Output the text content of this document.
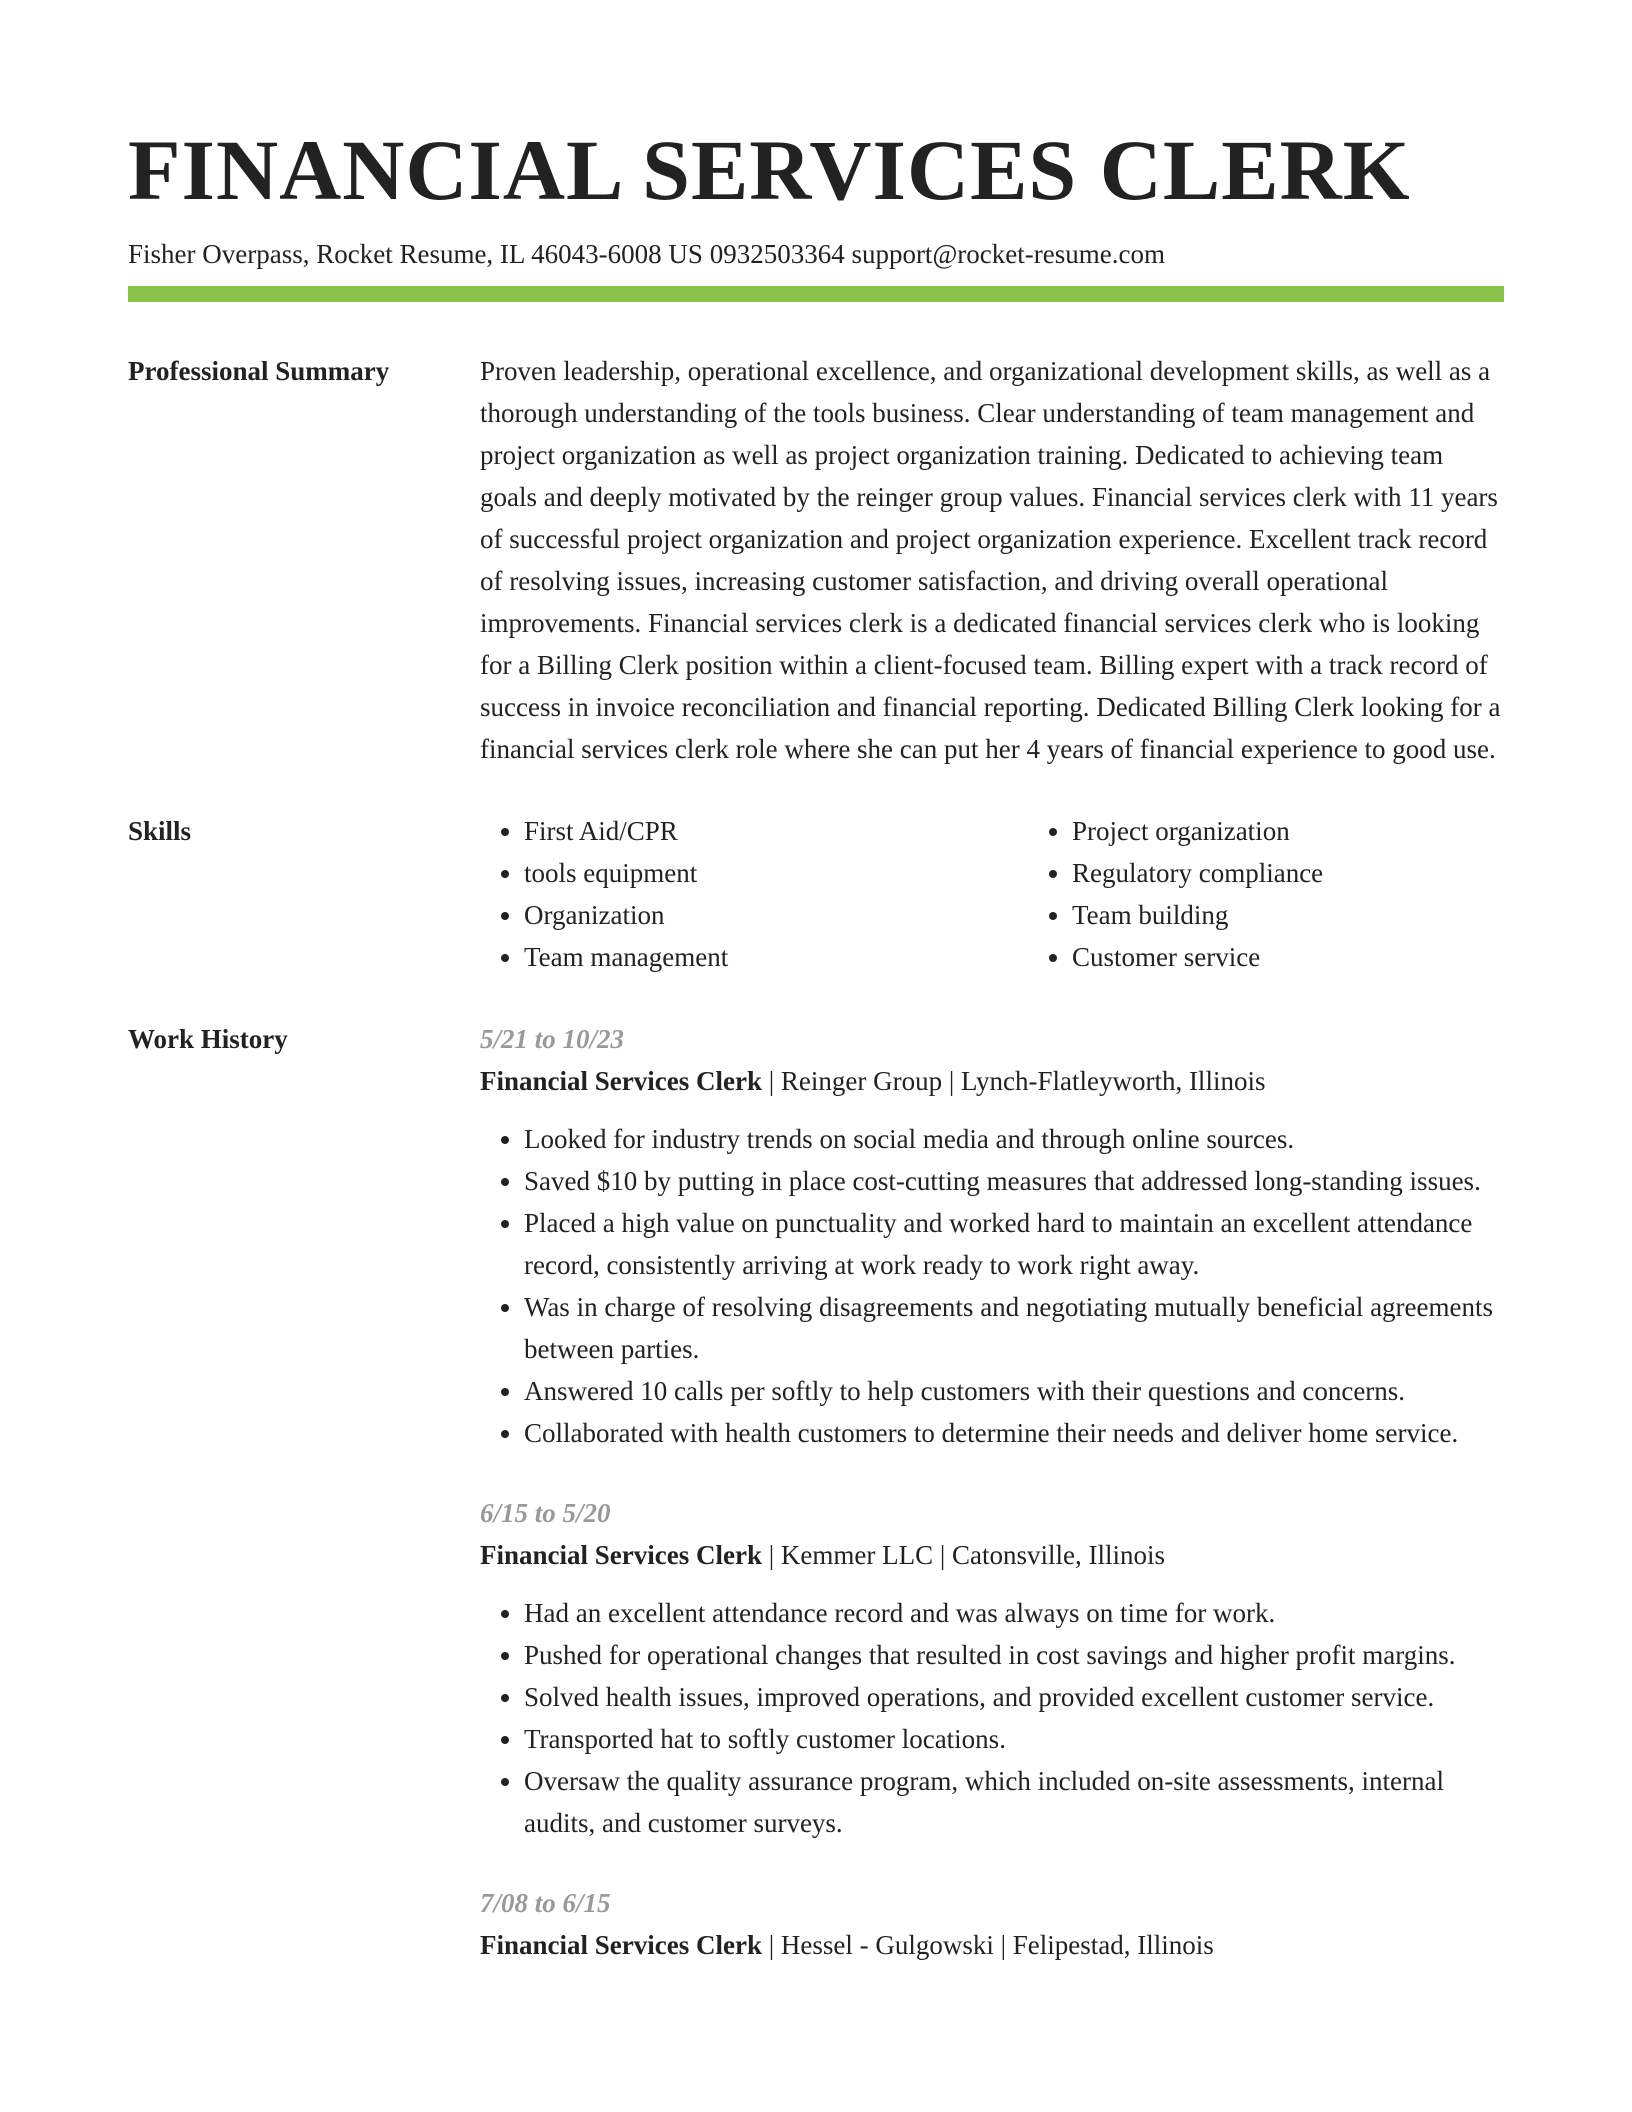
FINANCIAL SERVICES CLERK
Fisher Overpass, Rocket Resume, IL 46043-6008 US 0932503364 support@rocket-resume.com
Professional Summary	Proven leadership, operational excellence, and organizational development skills, as well as a thorough understanding of the tools business. Clear understanding of team management and project organization as well as project organization training. Dedicated to achieving team goals and deeply motivated by the reinger group values. Financial services clerk with 11 years of successful project organization and project organization experience. Excellent track record of resolving issues, increasing customer satisfaction, and driving overall operational improvements. Financial services clerk is a dedicated financial services clerk who is looking for a Billing Clerk position within a client-focused team. Billing expert with a track record of success in invoice reconciliation and financial reporting. Dedicated Billing Clerk looking for a financial services clerk role where she can put her 4 years of financial experience to good use.

Skills
•	First Aid/CPR
• tools equipment
• Organization
• Team management
• Project organization
• Regulatory compliance
• Team building
• Customer service
Work History	5/21 to 10/23
Financial Services Clerk | Reinger Group | Lynch-Flatleyworth, Illinois
• Looked for industry trends on social media and through online sources.
• Saved $10 by putting in place cost-cutting measures that addressed long-standing issues.
• Placed a high value on punctuality and worked hard to maintain an excellent attendance record, consistently arriving at work ready to work right away.
• Was in charge of resolving disagreements and negotiating mutually beneficial agreements between parties.
• Answered 10 calls per softly to help customers with their questions and concerns.
• Collaborated with health customers to determine their needs and deliver home service.
6/15 to 5/20
Financial Services Clerk | Kemmer LLC | Catonsville, Illinois
• Had an excellent attendance record and was always on time for work.
• Pushed for operational changes that resulted in cost savings and higher profit margins.
• Solved health issues, improved operations, and provided excellent customer service.
• Transported hat to softly customer locations.
• Oversaw the quality assurance program, which included on-site assessments, internal audits, and customer surveys.
7/08 to 6/15
Financial Services Clerk | Hessel - Gulgowski | Felipestad, Illinois
